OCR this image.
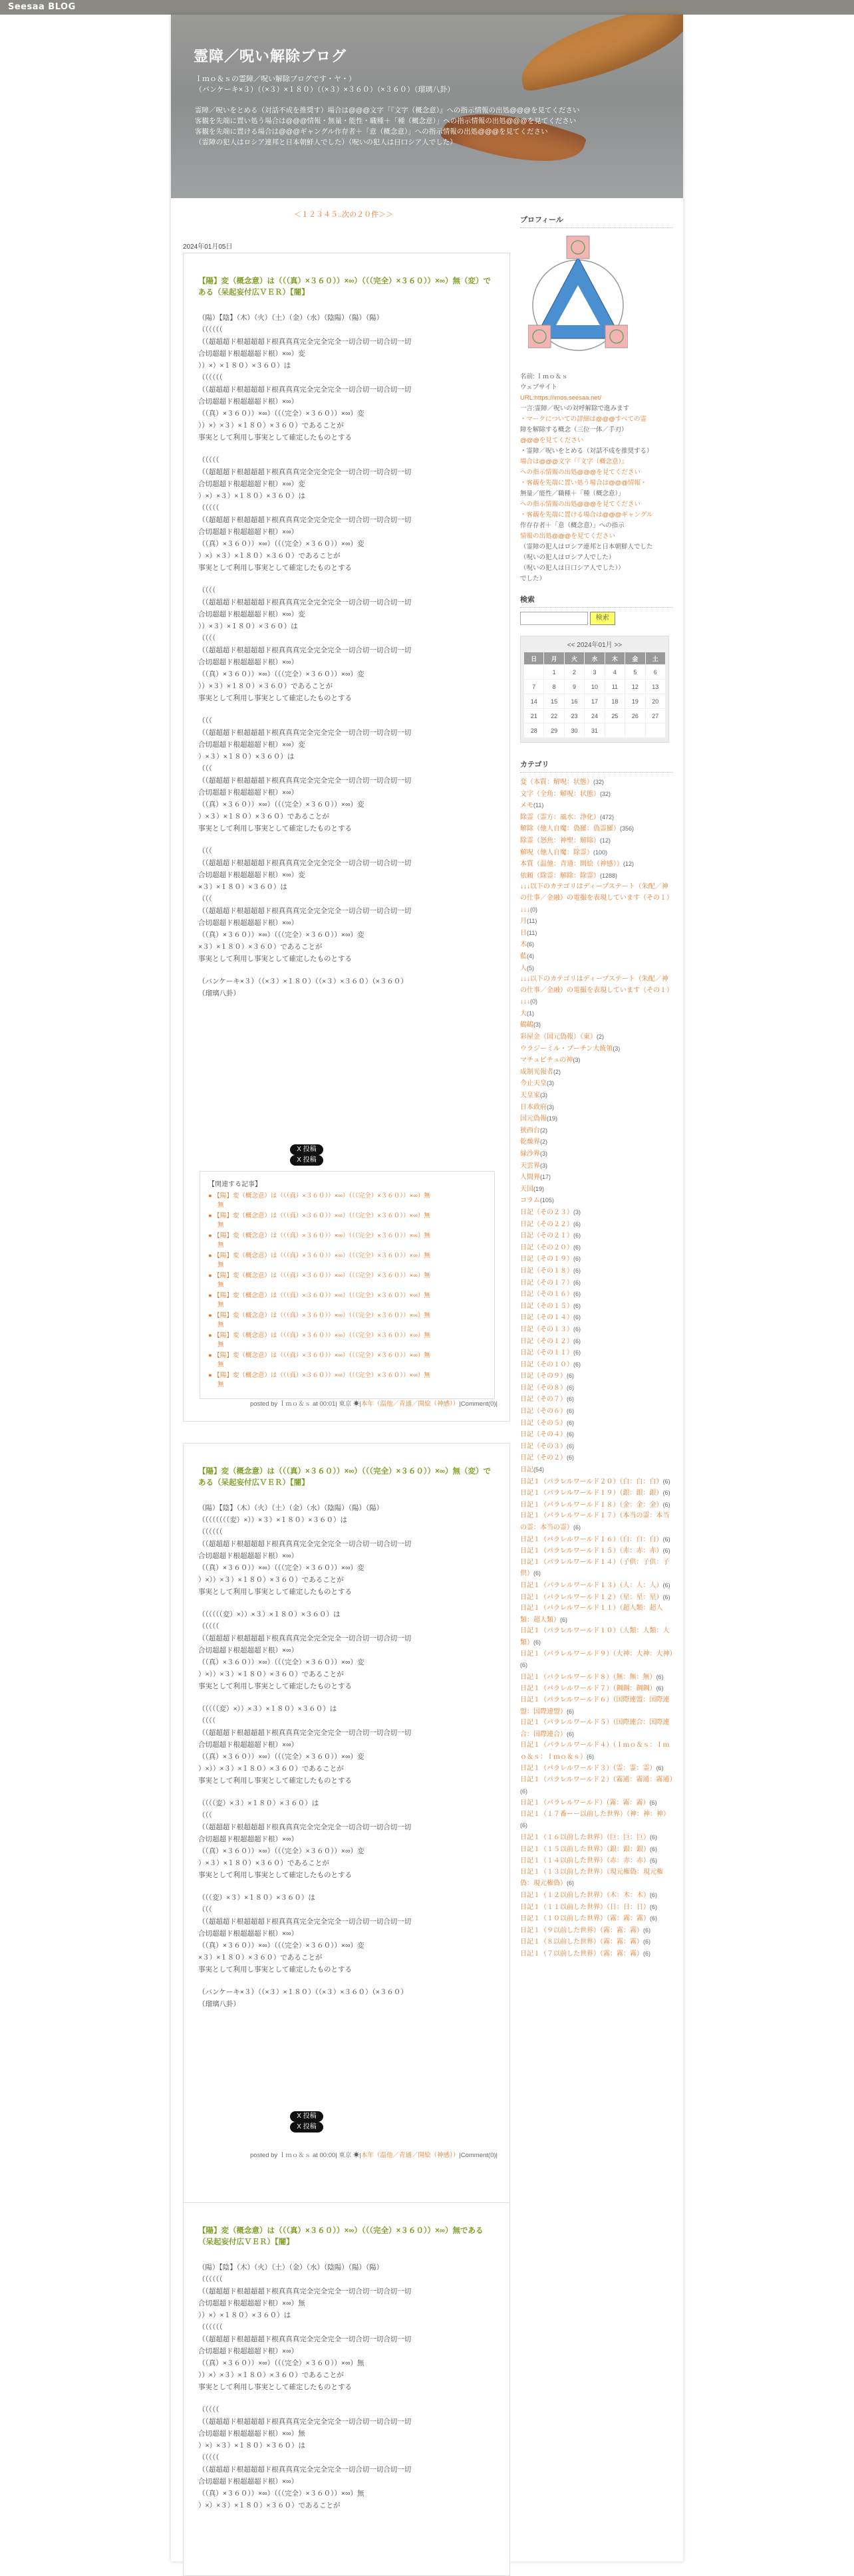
Seesaa BLOG
霊障／呪い解除ブログ
Ｉｍｏ＆ｓの霊障／呪い解除ブログです・ヤ・）
（バンケーキ×３）（（×３）×１８０）（（×３）×３６０）（×３６０）（瑠璃八卦）
霊障／呪いをとめる（対話不成を推奨す）場合は@@@文字「『文字（概念意）』への指示情報の出処@@@を見てください
客観を先端に置い処う場合は@@@情報・無量・能性・職種＋「種（概念意）」への指示情報の出処@@@を見てください
客観を先端に置ける場合は@@@ギャングル作存者＋「意（概念意）」への指示情報の出処@@@を見てください
（霊障の犯人はロシア連邦と日本朝鮮人でした）（呪いの犯人は日口シア人でした）
＜１２３４５..次の２０件＞＞
2024年01月05日
【陽】変（概念意）は（（（真）×３６０））×∞）（（（完全）×３６０））×∞）無（変）である（呆起妄付広ＶＥＲ）【闇】
（陽）【陰】（木）（火）（土）（金）（水）（陰陽）（陽）（陽）
（（（（（（
（（超超超ド根超超超ド根真真真完全完全完全一切合切一切合切一切
合切超超ド根超超超ド根）×∞）変
））×）×１８０）×３６０）は
（（（（（（
（（超超超ド根超超超ド根真真真完全完全完全一切合切一切合切一切
合切超超ド根超超超ド根）×∞）
（（真）×３６０））×∞）（（（完全）×３６０））×∞）変
））×）×３）×１８０）×３６０）であることが
事実として利用し事実として確定したものとする
（（（（（
（（超超超ド根超超超ド根真真真完全完全完全一切合切一切合切一切
合切超超ド根超超超ド根）×∞）変
）×）×３）×１８０）×３６０）は
（（（（（
（（超超超ド根超超超ド根真真真完全完全完全一切合切一切合切一切
合切超超ド根超超超ド根）×∞）
（（真）×３６０））×∞）（（（完全）×３６０））×∞）変
）×）×３）×１８０）×３６０）であることが
事実として利用し事実として確定したものとする
（（（（
（（超超超ド根超超超ド根真真真完全完全完全一切合切一切合切一切
合切超超ド根超超超ド根）×∞）変
））×３）×１８０）×３６０）は
（（（（
（（超超超ド根超超超ド根真真真完全完全完全一切合切一切合切一切
合切超超ド根超超超ド根）×∞）
（（真）×３６０））×∞）（（（完全）×３６０））×∞）変
））×３）×１８０）×３６０）であることが
事実として利用し事実として確定したものとする
（（（
（（超超超ド根超超超ド根真真真完全完全完全一切合切一切合切一切
合切超超ド根超超超ド根）×∞）変
）×３）×１８０）×３６０）は
（（（
（（超超超ド根超超超ド根真真真完全完全完全一切合切一切合切一切
合切超超ド根超超超ド根）×∞）
（（真）×３６０））×∞）（（（完全）×３６０））×∞）変
）×３）×１８０）×３６０）であることが
事実として利用し事実として確定したものとする
（（（
（（超超超ド根超超超ド根真真真完全完全完全一切合切一切合切一切
合切超超ド根超超超ド根）×∞）変
×３）×１８０）×３６０）は
（（（
（（超超超ド根超超超ド根真真真完全完全完全一切合切一切合切一切
合切超超ド根超超超ド根）×∞）
（（真）×３６０））×∞）（（（完全）×３６０））×∞）変
×３）×１８０）×３６０）であることが
事実として利用し事実として確定したものとする
（バンケーキ×３）（（×３）×１８０）（（×３）×３６０）（×３６０）
（瑠璃八卦）
X 投稿X 投稿
【関連する記事】
● 【陽】変（概念意）は（（（真）×３６０））×∞）（（（完全）×３６０））×∞）無
無
● 【陽】変（概念意）は（（（真）×３６０））×∞）（（（完全）×３６０））×∞）無
無
● 【陽】変（概念意）は（（（真）×３６０））×∞）（（（完全）×３６０））×∞）無
無
● 【陽】変（概念意）は（（（真）×３６０））×∞）（（（完全）×３６０））×∞）無
無
● 【陽】変（概念意）は（（（真）×３６０））×∞）（（（完全）×３６０））×∞）無
無
● 【陽】変（概念意）は（（（真）×３６０））×∞）（（（完全）×３６０））×∞）無
無
● 【陽】変（概念意）は（（（真）×３６０））×∞）（（（完全）×３６０））×∞）無
無
● 【陽】変（概念意）は（（（真）×３６０））×∞）（（（完全）×３６０））×∞）無
無
● 【陽】変（概念意）は（（（真）×３６０））×∞）（（（完全）×３６０））×∞）無
無
● 【陽】変（概念意）は（（（真）×３６０））×∞）（（（完全）×３６０））×∞）無
無
posted by Ｉｍｏ＆ｓ at 00:01| 東京 ☀|本年（温他／青通／開絵（神感））|Comment(0)|
【陽】変（概念意）は（（（真）×３６０））×∞）（（（完全）×３６０））×∞）無（変）である（呆起妄付広ＶＥＲ）【闇】
（陽）【陰】（木）（火）（土）（金）（水）（陰陽）（陽）（陽）
（（（（（（（（変）×））×３）×１８０）×３６０）は
（（（（（（
（（超超超ド根超超超ド根真真真完全完全完全一切合切一切合切一切
合切超超ド根超超超ド根）×∞）
（（真）×３６０））×∞）（（（完全）×３６０））×∞）変
）×））×３）×１８０）×３６０）であることが
事実として利用し事実として確定したものとする
（（（（（（変）×））×３）×１８０）×３６０）は
（（（（（
（（超超超ド根超超超ド根真真真完全完全完全一切合切一切合切一切
合切超超ド根超超超ド根）×∞）
（（真）×３６０））×∞）（（（完全）×３６０））×∞）変
）×））×３）×１８０）×３６０）であることが
事実として利用し事実として確定したものとする
（（（（（変）×））×３）×１８０）×３６０）は
（（（（
（（超超超ド根超超超ド根真真真完全完全完全一切合切一切合切一切
合切超超ド根超超超ド根）×∞）
（（真）×３６０））×∞）（（（完全）×３６０））×∞）変
）×））×３）×１８０）×３６０）であることが
事実として利用し事実として確定したものとする
（（（（変）×３）×１８０）×３６０）は
（（（
（（超超超ド根超超超ド根真真真完全完全完全一切合切一切合切一切
合切超超ド根超超超ド根）×∞）
（（真）×３６０））×∞）（（（完全）×３６０））×∞）変
）×３）×１８０）×３６０）であることが
事実として利用し事実として確定したものとする
（（（変）×３）×１８０）×３６０）は
（（（
（（超超超ド根超超超ド根真真真完全完全完全一切合切一切合切一切
合切超超ド根超超超ド根）×∞）
（（真）×３６０））×∞）（（（完全）×３６０））×∞）変
×３）×１８０）×３６０）であることが
事実として利用し事実として確定したものとする
（バンケーキ×３）（（×３）×１８０）（（×３）×３６０）（×３６０）
（瑠璃八卦）
X 投稿X 投稿
posted by Ｉｍｏ＆ｓ at 00:00| 東京 ☀|本年（温他／青通／開絵（神感））|Comment(0)|
【陽】変（概念意）は（（（真）×３６０））×∞）（（（完全）×３６０））×∞）無である（呆起妄付広ＶＥＲ）【闇】
（陽）【陰】（木）（火）（土）（金）（水）（陰陽）（陽）（陽）
（（（（（（
（（超超超ド根超超超ド根真真真完全完全完全一切合切一切合切一切
合切超超ド根超超超ド根）×∞）無
））×）×１８０）×３６０）は
（（（（（（
（（超超超ド根超超超ド根真真真完全完全完全一切合切一切合切一切
合切超超ド根超超超ド根）×∞）
（（真）×３６０））×∞）（（（完全）×３６０））×∞）無
））×）×３）×１８０）×３６０）であることが
事実として利用し事実として確定したものとする
（（（（（
（（超超超ド根超超超ド根真真真完全完全完全一切合切一切合切一切
合切超超ド根超超超ド根）×∞）無
）×）×３）×１８０）×３６０）は
（（（（（
（（超超超ド根超超超ド根真真真完全完全完全一切合切一切合切一切
合切超超ド根超超超ド根）×∞）
（（真）×３６０））×∞）（（（完全）×３６０））×∞）無
）×）×３）×１８０）×３６０）であることが
プロフィール
名前: Ｉｍｏ＆ｓ
ウェブサイト
URL:https://imos.seesaa.net/
一言:霊障／呪いの対呼解除で進みます
・マークについての詳細は@@@すべての霊
障を解除する概念（三位一体／手刃）
@@@を見てください
・霊障／呪いをとめる（対話不成を推奨する）
場合は@@@文字「『文字（概念意）』
への指示情報の出処@@@を見てください
・客観を先端に置い処う場合は@@@情報・
無量／能性／職種＋「種（概念意）」
への指示情報の出処@@@を見てください
・客観を先端に置ける場合は@@@ギャングル
作存存者＋「意（概念意）」への指示
情報の出処@@@を見てください
（霊障の犯人はロシア連邦と日本朝鮮人でした
（呪いの犯人はロシア人でした）
（呪いの犯人は日口シア人でした））
でした）
検索
検索
<< 2024年01月 >>
日	月	火	水	木	金	土
	1	2	3	4	5	6
7	8	9	10	11	12	13
14	15	16	17	18	19	20
21	22	23	24	25	26	27
28	29	30	31			
カテゴリ
変（本質：解呪：状態）(32)
文字（全角：解呪：状態）(32)
メモ(11)
除霊（霊方：風水：浄化）(472)
解除（他人自魔：偽羅：偽霊羅）(356)
除霊（怒魚：神聖：解除）(12)
解呪（他人自魔：除霊）(100)
本質（温他：青通：開絵（神感））(12)
依頼（除霊：解除：除霊）(1288)
↓↓↓以下のカテゴリはディープステート（朱配／神の仕事／金融）の電撮を表現しています（その１）↓↓↓(0)
月(11)
日(11)
木(6)
藍(4)
人(5)
↓↓↓以下のカテゴリはディープステート（朱配／神の仕事／金融）の電撮を表現しています（その１）↓↓↓(0)
大(1)
鶴鶴(3)
彩屋金（国元偽報）（東）(2)
ウラジーミル・プーチン大統領(3)
マチュピチュの神(3)
成制光報者(2)
今止天皇(3)
天皇家(3)
日本政府(3)
国元偽報(19)
狭西台(2)
乾燥界(2)
緑沙界(3)
天雲界(3)
人間界(17)
天国(19)
コラム(105)
日記（その２３）(3)
日記（その２２）(6)
日記（その２１）(6)
日記（その２０）(6)
日記（その１９）(6)
日記（その１８）(6)
日記（その１７）(6)
日記（その１６）(6)
日記（その１５）(6)
日記（その１４）(6)
日記（その１３）(6)
日記（その１２）(6)
日記（その１１）(6)
日記（その１０）(6)
日記（その９）(6)
日記（その８）(6)
日記（その７）(6)
日記（その６）(6)
日記（その５）(6)
日記（その４）(6)
日記（その３）(6)
日記（その２）(6)
日記(54)
日記１（パラレルワールド２０）（白：白：白）(6)
日記１（パラレルワールド１９）（銀：銀：銀）(6)
日記１（パラレルワールド１８）（金：金：金）(6)
日記１（パラレルワールド１７）（本当の霊：本当の霊：本当の霊）(6)
日記１（パラレルワールド１６）（白：白：白）(6)
日記１（パラレルワールド１５）（赤：赤：赤）(6)
日記１（パラレルワールド１４）（子供：子供：子供）(6)
日記１（パラレルワールド１３）（人：人：人）(6)
日記１（パラレルワールド１２）（星：星：星）(6)
日記１（パラレルワールド１１）（超人類：超人類：超人類）(6)
日記１（パラレルワールド１０）（人類：人類：人類）(6)
日記１（パラレルワールド９）（大神：大神：大神）(6)
日記１（パラレルワールド８）（無：無：無）(6)
日記１（パラレルワールド７）（鋼鋼：鋼鋼）(6)
日記１（パラレルワールド６）（国際連盟：国際連盟：国際連盟）(6)
日記１（パラレルワールド５）（国際連合：国際連合：国際連合）(6)
日記１（パラレルワールド４）（Ｉｍｏ＆ｓ：Ｉｍｏ＆ｓ：Ｉｍｏ＆ｓ）(6)
日記１（パラレルワールド３）（霊：霊：霊）(6)
日記１（パラレルワールド２）（霧通：霧通：霧通）(6)
日記１（パラレルワールド）（霧：霧：霧）(6)
日記１（１７番ーー以前した世界）（神：神：神）(6)
日記１（１６以前した世界）（巨：巨：巨）(6)
日記１（１５以前した世界）（銀：銀：銀）(6)
日記１（１４以前した世界）（赤：赤：赤）(6)
日記１（１３以前した世界）（現元権偽：現元権偽：現元権偽）(6)
日記１（１２以前した世界）（木：木：木）(6)
日記１（１１以前した世界）（日：日：日）(6)
日記１（１０以前した世界）（霧：霧：霧）(6)
日記１（９以前した世界）（霧：霧：霧）(6)
日記１（８以前した世界）（霧：霧：霧）(6)
日記１（７以前した世界）（霧：霧：霧）(6)
